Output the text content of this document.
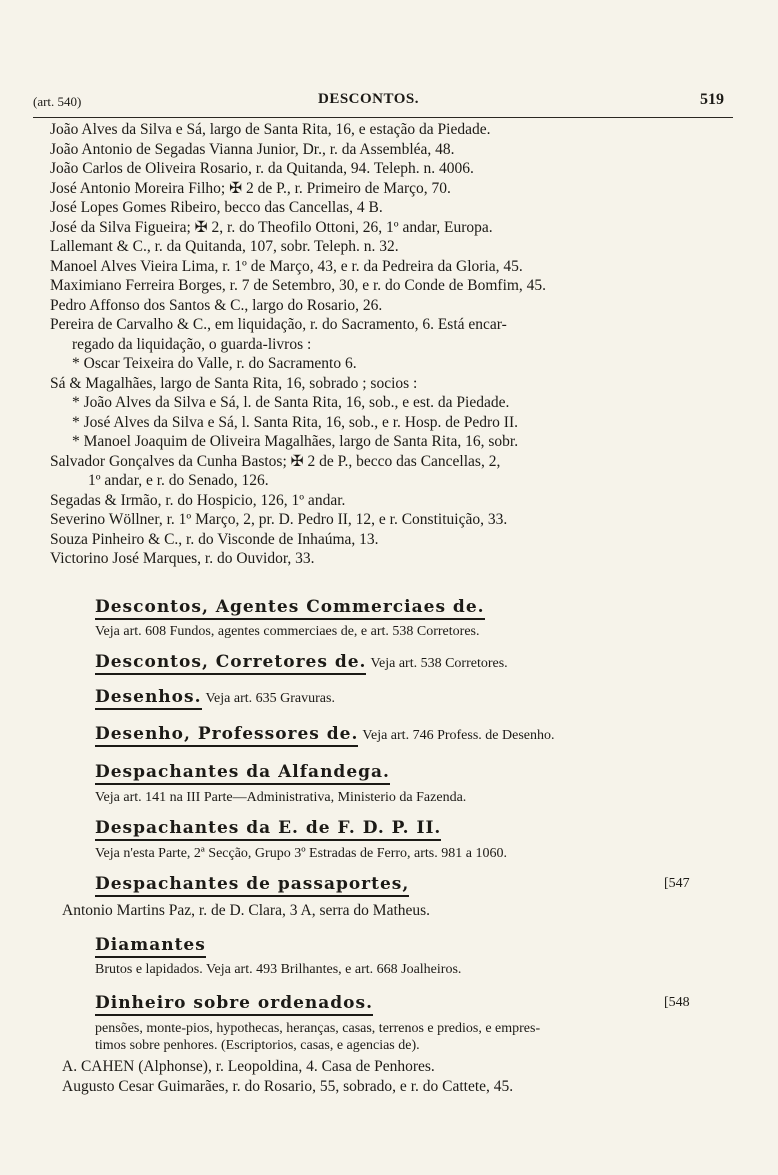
(art. 540)	DESCONTOS.	519
João Alves da Silva e Sá, largo de Santa Rita, 16, e estação da Piedade.
João Antonio de Segadas Vianna Junior, Dr., r. da Assembléa, 48.
João Carlos de Oliveira Rosario, r. da Quitanda, 94. Teleph. n. 4006.
José Antonio Moreira Filho; ✠ 2 de P., r. Primeiro de Março, 70.
José Lopes Gomes Ribeiro, becco das Cancellas, 4 B.
José da Silva Figueira; ✠ 2, r. do Theofilo Ottoni, 26, 1º andar, Europa.
Lallemant & C., r. da Quitanda, 107, sobr. Teleph. n. 32.
Manoel Alves Vieira Lima, r. 1º de Março, 43, e r. da Pedreira da Gloria, 45.
Maximiano Ferreira Borges, r. 7 de Setembro, 30, e r. do Conde de Bomfim, 45.
Pedro Affonso dos Santos & C., largo do Rosario, 26.
Pereira de Carvalho & C., em liquidação, r. do Sacramento, 6. Está encar-
regado da liquidação, o guarda-livros :
* Oscar Teixeira do Valle, r. do Sacramento 6.
Sá & Magalhães, largo de Santa Rita, 16, sobrado ; socios :
* João Alves da Silva e Sá, l. de Santa Rita, 16, sob., e est. da Piedade.
* José Alves da Silva e Sá, l. Santa Rita, 16, sob., e r. Hosp. de Pedro II.
* Manoel Joaquim de Oliveira Magalhães, largo de Santa Rita, 16, sobr.
Salvador Gonçalves da Cunha Bastos; ✠ 2 de P., becco das Cancellas, 2,
1º andar, e r. do Senado, 126.
Segadas & Irmão, r. do Hospicio, 126, 1º andar.
Severino Wöllner, r. 1º Março, 2, pr. D. Pedro II, 12, e r. Constituição, 33.
Souza Pinheiro & C., r. do Visconde de Inhaúma, 13.
Victorino José Marques, r. do Ouvidor, 33.
Descontos, Agentes Commerciaes de.
Veja art. 608 Fundos, agentes commerciaes de, e art. 538 Corretores.
Descontos, Corretores de. Veja art. 538 Corretores.
Desenhos. Veja art. 635 Gravuras.
Desenho, Professores de. Veja art. 746 Profess. de Desenho.
Despachantes da Alfandega.
Veja art. 141 na III Parte—Administrativa, Ministerio da Fazenda.
Despachantes da E. de F. D. P. II.
Veja n'esta Parte, 2ª Secção, Grupo 3º Estradas de Ferro, arts. 981 a 1060.
Despachantes de passaportes,	[547
Antonio Martins Paz, r. de D. Clara, 3 A, serra do Matheus.
Diamantes
Brutos e lapidados. Veja art. 493 Brilhantes, e art. 668 Joalheiros.
Dinheiro sobre ordenados.	[548
pensões, monte-pios, hypothecas, heranças, casas, terrenos e predios, e empres-
timos sobre penhores. (Escriptorios, casas, e agencias de).
A. CAHEN (Alphonse), r. Leopoldina, 4. Casa de Penhores.
Augusto Cesar Guimarães, r. do Rosario, 55, sobrado, e r. do Cattete, 45.
